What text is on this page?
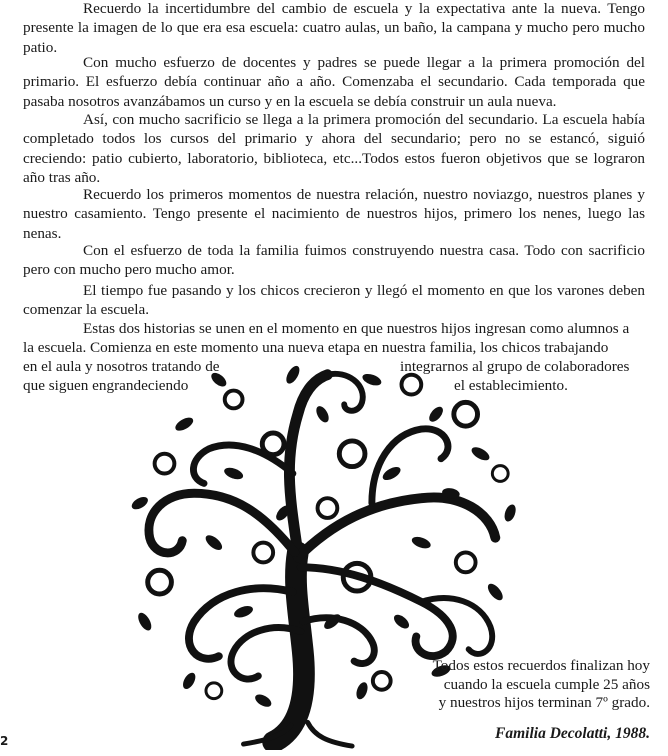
Recuerdo la incertidumbre del cambio de escuela y la expectativa ante la nueva. Tengo presente la imagen de lo que era esa escuela: cuatro aulas, un baño, la campana y mucho pero mucho patio.

Con mucho esfuerzo de docentes y padres se puede llegar a la primera promoción del primario. El esfuerzo debía continuar año a año. Comenzaba el secundario. Cada temporada que pasaba nosotros avanzábamos un curso y en la escuela se debía construir un aula nueva.

Así, con mucho sacrificio se llega a la primera promoción del secundario. La escuela había completado todos los cursos del primario y ahora del secundario; pero no se estancó, siguió creciendo: patio cubierto, laboratorio, biblioteca, etc...Todos estos fueron objetivos que se lograron año tras año.

Recuerdo los primeros momentos de nuestra relación, nuestro noviazgo, nuestros planes y nuestro casamiento. Tengo presente el nacimiento de nuestros hijos, primero los nenes, luego las nenas.

Con el esfuerzo de toda la familia fuimos construyendo nuestra casa. Todo con sacrificio pero con mucho pero mucho amor.

El tiempo fue pasando y los chicos crecieron y llegó el momento en que los varones deben comenzar la escuela.

Estas dos historias se unen en el momento en que nuestros hijos ingresan como alumnos a
la escuela. Comienza en este momento una nueva etapa en nuestra familia, los chicos trabajando
en el aula y nosotros tratando de	integrarnos al grupo de colaboradores
que siguen engrandeciendo	el establecimiento.
Todos estos recuerdos finalizan hoy
cuando la escuela cumple 25 años
y nuestros hijos terminan 7º grado.
Familia Decolatti, 1988.
2
